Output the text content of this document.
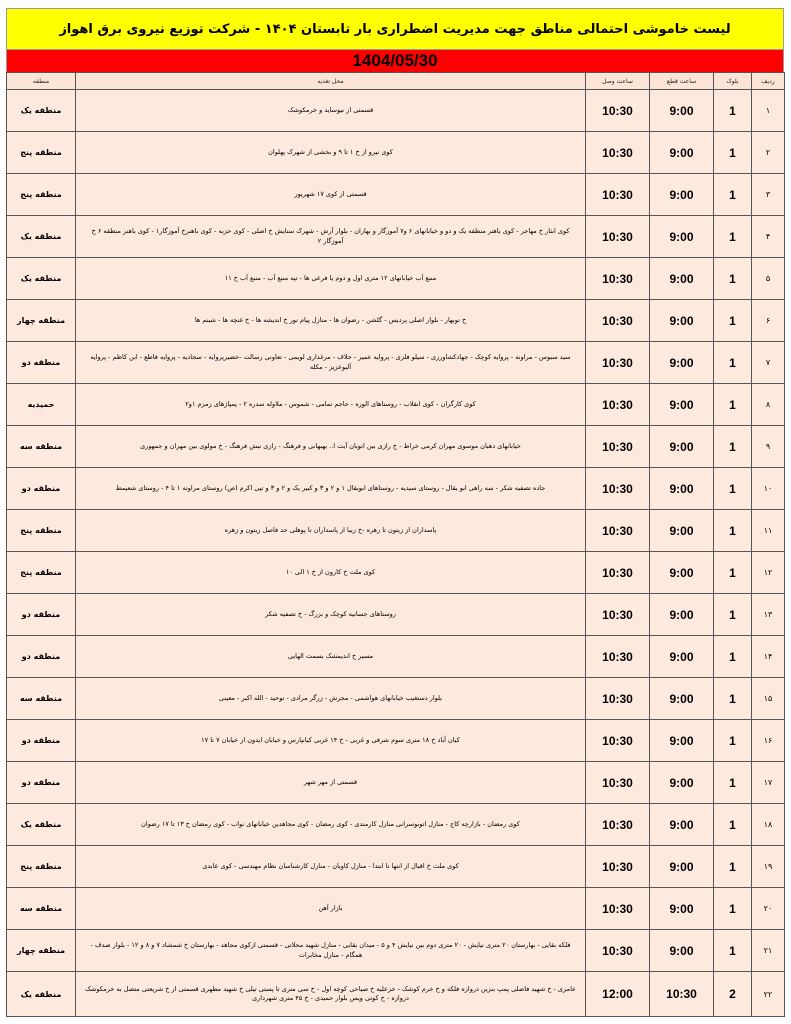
لیست خاموشی احتمالی مناطق جهت مدیریت اضطراری بار تابستان ۱۴۰۴ - شرکت توزیع نیروی برق اهواز
1404/05/30
ردیف	بلوک	ساعت قطع	ساعت وصل	محل تغذیه	منطقه
۱	1	9:00	10:30	قسمتی از نیوساید و خرمکوشک	منطقه یک
۲	1	9:00	10:30	کوی نیرو از خ ۱ تا ۹ و بخشی از شهرک پهلوان	منطقه پنج
۳	1	9:00	10:30	قسمتی از کوی ۱۷ شهریور	منطقه پنج
۴	1	9:00	10:30	کوی ابثار خ مهاجر - کوی باهنر منطقه یک و دو و خیابانهای ۶ و۷ آموزگار و بهاران - بلوار آرش - شهرک ستایش خ اصلی - کوی حزبه - کوی باهنرخ آموزگار۱ - کوی باهنر منطقه ۶ خ آموزگار ۲	منطقه یک
۵	1	9:00	10:30	منبع آب خیابانهای ۱۲ متری اول و دوم یا فرعی ها - تپه منبع آب - منبع آب خ ۱۱	منطقه یک
۶	1	9:00	10:30	خ نوبهار - بلوار اصلی پردیس - گلشن - رضوان ها - منازل پیام نور خ اندیشه ها - خ غنچه ها - شبنم ها	منطقه چهار
۷	1	9:00	10:30	سید سبوس - مراونه - پروایه کوچک - جهادکشاورزی - سیلو فلزی - پروایه عمیر - حلاف - مرغداری لویمی - تعاونی رسالت -خضیرپروایه - سجادیه - پروایه قاطع - ابن کاظم - پروایه آلبوعزیز - مکله	منطقه دو
۸	1	9:00	10:30	کوی کارگران - کوی انقلاب - روستاهای الوزه - حاجم تمامی - شموس - ملاوله سدره ۲ - پمپاژهای زمزم ۱و۲	حمیدیه
۹	1	9:00	10:30	خیابانهای دهبان موسوی مهران کرمی خراط - خ رازی بین اتوبان آیت ا.. بهبهانی و فرهنگ - رازی نبش فرهنگ - خ مولوی بین مهران و جمهوری	منطقه سه
۱۰	1	9:00	10:30	جاده تصفیه شکر - سه راهی ابو یقال - روستای سیدیه - روستاهای ابویقال ۱ و ۲ و ۳ و کبیر یک و ۲ و ۳ و تپی اکرم (ص) روستای مراونه ۱ تا ۴ - روستای شعیمط	منطقه دو
۱۱	1	9:00	10:30	پاسداران از زیتون تا زهره -خ زیبا از پاسداران تا پوهلی حد فاصل زیتون و زهره	منطقه پنج
۱۲	1	9:00	10:30	کوی ملت خ کارون از خ ۱ الی ۱۰	منطقه پنج
۱۳	1	9:00	10:30	روستاهای جسانیه کوچک و بزرگ - خ تصفیه شکر	منطقه دو
۱۴	1	9:00	10:30	مسیر خ اندیمشک بسمت الهایی	منطقه دو
۱۵	1	9:00	10:30	بلوار دستغیب خیابانهای هواشمی - مجرش - زرگر مرادی - توحید - الله اکبر - معینی	منطقه سه
۱۶	1	9:00	10:30	کیان آباد خ ۱۸ متری سوم شرقی و غربی - خ ۱۴ غربی کیانپارس و خیابان ایدون از خیابان ۷ تا ۱۷	منطقه دو
۱۷	1	9:00	10:30	قسمتی از مهر شهر	منطقه دو
۱۸	1	9:00	10:30	کوی رمضان - بازارچه کاج - منازل اتوبوسرانی منازل کارمندی - کوی رمضان - کوی مجاهدین خیابانهای نواب - کوی رمضان خ ۱۳ تا ۱۷ رضوان	منطقه یک
۱۹	1	9:00	10:30	کوی ملت خ اقبال از انتها تا ابتدا - منازل کاوبان - منازل کارشناسان نظام مهندسی - کوی عابدی	منطقه پنج
۲۰	1	9:00	10:30	بازار آهن	منطقه سه
۲۱	1	9:00	10:30	فلکه بقایی - بهارستان ۲۰ متری نیایش - ۲۰ متری دوم بین نیایش ۴ و ۵ - میدان بقایی - منازل شهید محلاتی - قسمتی ازکوی مجاهد - بهارستان خ شمشاد ۷ و ۸ و ۱۲ - بلوار صدف - همگام - منازل مخابرات	منطقه چهار
۲۲	2	10:30	12:00	عامری - خ شهید فاضلی پمپ بنزین دروازه فلکه و خ خرم کوشک - خزعلیه خ صیاحی کوچه اول - خ سی متری تا پستی تیلی خ شهید مطهری قسمتی از خ شریعتی متصل به خرمکوشک دروازه - خ کوتی ویس بلوار حمیدی - خ ۴۵ متری شهرداری	منطقه یک
